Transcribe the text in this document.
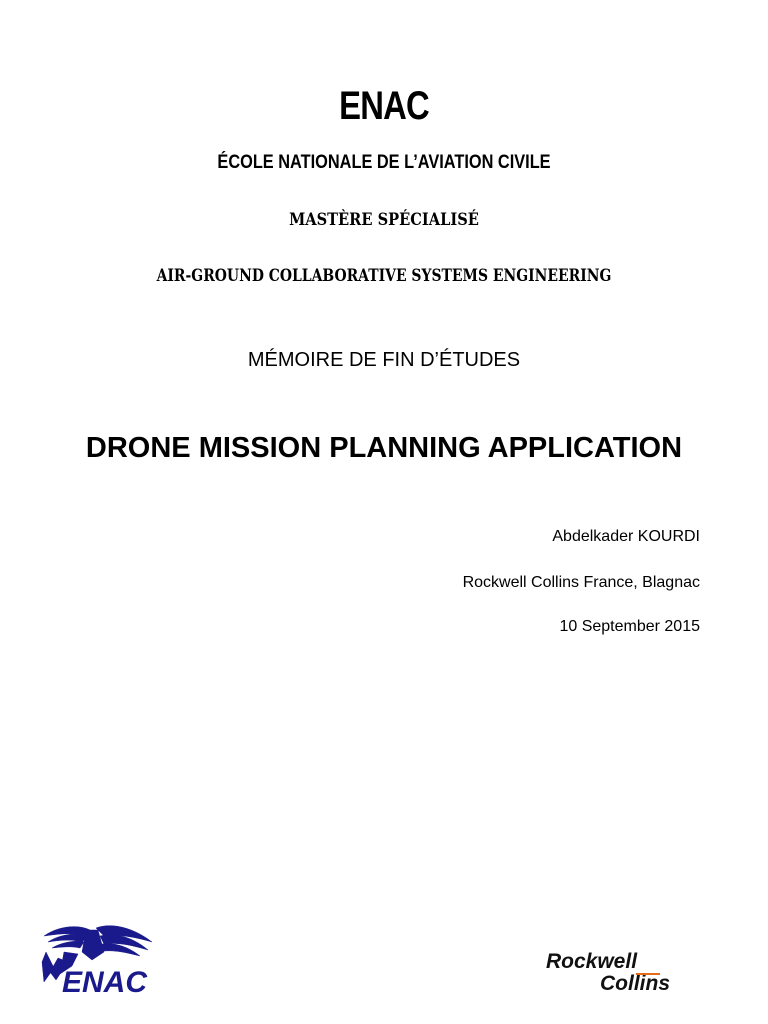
ENAC
ÉCOLE NATIONALE DE L’AVIATION CIVILE
MASTÈRE SPÉCIALISÉ
AIR-GROUND COLLABORATIVE SYSTEMS ENGINEERING
MÉMOIRE DE FIN D’ÉTUDES
DRONE MISSION PLANNING APPLICATION
Abdelkader KOURDI
Rockwell Collins France, Blagnac
10 September 2015
ENAC
Rockwell
Collins
